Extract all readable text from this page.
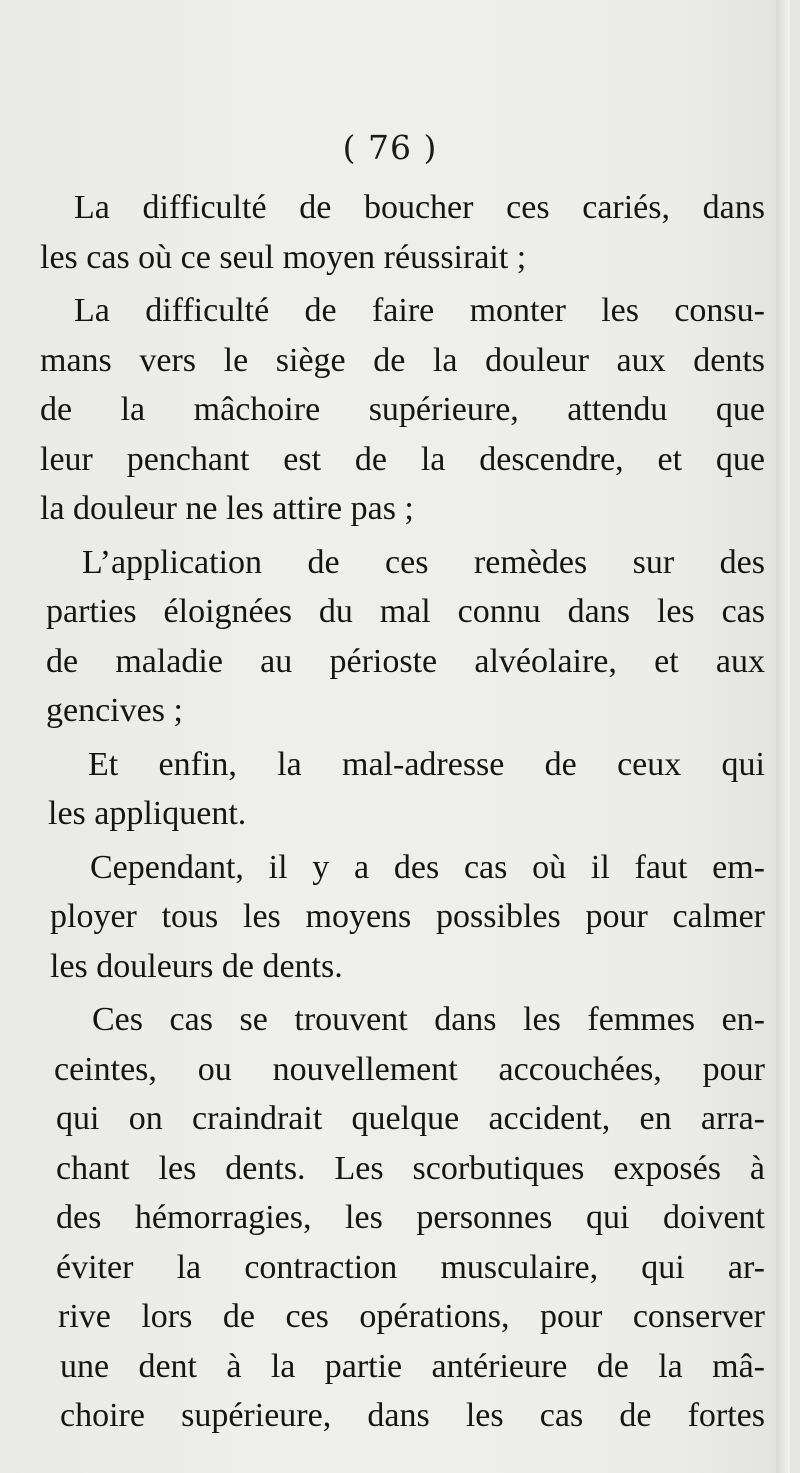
( 76 )
La difficulté de boucher ces cariés, dans
les cas où ce seul moyen réussirait ;
La difficulté de faire monter les consu-
mans vers le siège de la douleur aux dents
de la mâchoire supérieure, attendu que
leur penchant est de la descendre, et que
la douleur ne les attire pas ;
L’application de ces remèdes sur des
parties éloignées du mal connu dans les cas
de maladie au périoste alvéolaire, et aux
gencives ;
Et enfin, la mal-adresse de ceux qui
les appliquent.
Cependant, il y a des cas où il faut em-
ployer tous les moyens possibles pour calmer
les douleurs de dents.
Ces cas se trouvent dans les femmes en-
ceintes, ou nouvellement accouchées, pour
qui on craindrait quelque accident, en arra-
chant les dents. Les scorbutiques exposés à
des hémorragies, les personnes qui doivent
éviter la contraction musculaire, qui ar-
rive lors de ces opérations, pour conserver
une dent à la partie antérieure de la mâ-
choire supérieure, dans les cas de fortes
